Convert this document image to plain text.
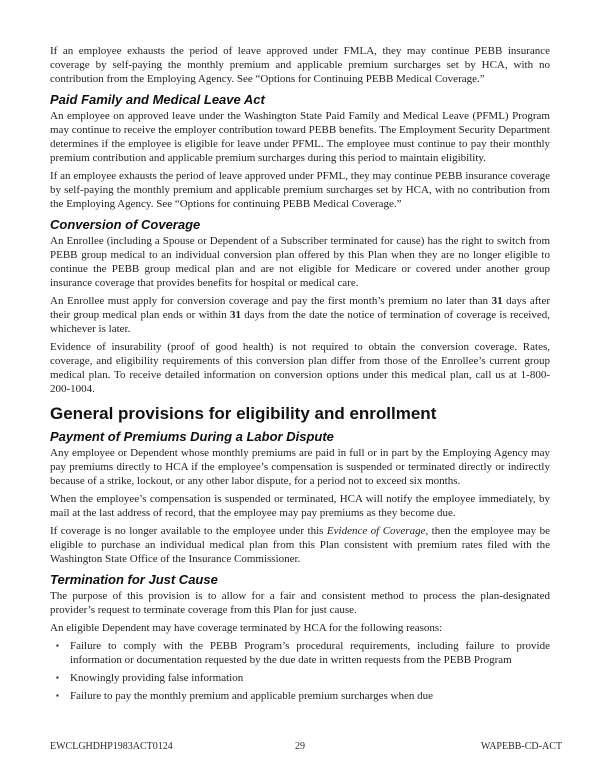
If an employee exhausts the period of leave approved under FMLA, they may continue PEBB insurance coverage by self-paying the monthly premium and applicable premium surcharges set by HCA, with no contribution from the Employing Agency. See “Options for Continuing PEBB Medical Coverage.”

Paid Family and Medical Leave Act

An employee on approved leave under the Washington State Paid Family and Medical Leave (PFML) Program may continue to receive the employer contribution toward PEBB benefits. The Employment Security Department determines if the employee is eligible for leave under PFML. The employee must continue to pay their monthly premium contribution and applicable premium surcharges during this period to maintain eligibility.

If an employee exhausts the period of leave approved under PFML, they may continue PEBB insurance coverage by self-paying the monthly premium and applicable premium surcharges set by HCA, with no contribution from the Employing Agency. See “Options for continuing PEBB Medical Coverage.”

Conversion of Coverage

An Enrollee (including a Spouse or Dependent of a Subscriber terminated for cause) has the right to switch from PEBB group medical to an individual conversion plan offered by this Plan when they are no longer eligible to continue the PEBB group medical plan and are not eligible for Medicare or covered under another group insurance coverage that provides benefits for hospital or medical care.

An Enrollee must apply for conversion coverage and pay the first month’s premium no later than 31 days after their group medical plan ends or within 31 days from the date the notice of termination of coverage is received, whichever is later.

Evidence of insurability (proof of good health) is not required to obtain the conversion coverage. Rates, coverage, and eligibility requirements of this conversion plan differ from those of the Enrollee’s current group medical plan. To receive detailed information on conversion options under this medical plan, call us at 1-800-200-1004.

General provisions for eligibility and enrollment
Payment of Premiums During a Labor Dispute

Any employee or Dependent whose monthly premiums are paid in full or in part by the Employing Agency may pay premiums directly to HCA if the employee’s compensation is suspended or terminated directly or indirectly because of a strike, lockout, or any other labor dispute, for a period not to exceed six months.

When the employee’s compensation is suspended or terminated, HCA will notify the employee immediately, by mail at the last address of record, that the employee may pay premiums as they become due.

If coverage is no longer available to the employee under this Evidence of Coverage, then the employee may be eligible to purchase an individual medical plan from this Plan consistent with premium rates filed with the Washington State Office of the Insurance Commissioner.

Termination for Just Cause

The purpose of this provision is to allow for a fair and consistent method to process the plan-designated provider’s request to terminate coverage from this Plan for just cause.

An eligible Dependent may have coverage terminated by HCA for the following reasons:

▪	Failure to comply with the PEBB Program’s procedural requirements, including failure to provide information or documentation requested by the due date in written requests from the PEBB Program
▪	Knowingly providing false information
▪	Failure to pay the monthly premium and applicable premium surcharges when due
EWCLGHDHP1983ACT0124	29	WAPEBB-CD-ACT
